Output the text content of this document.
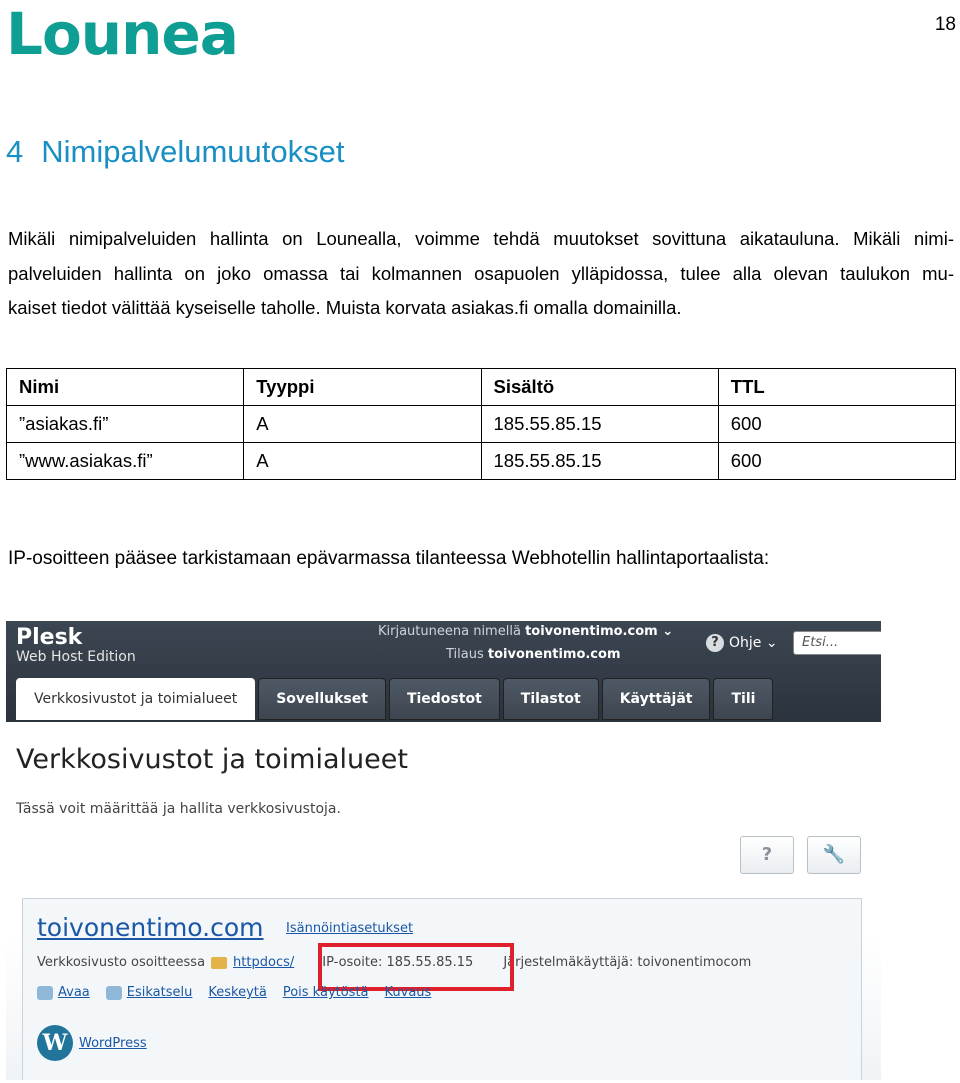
Lounea	18
4 Nimipalvelumuutokset
Mikäli nimipalveluiden hallinta on Lounealla, voimme tehdä muutokset sovittuna aikatauluna. Mikäli nimi-
palveluiden hallinta on joko omassa tai kolmannen osapuolen ylläpidossa, tulee alla olevan taulukon mu-
kaiset tiedot välittää kyseiselle taholle. Muista korvata asiakas.fi omalla domainilla.
Nimi	Tyyppi	Sisältö	TTL
”asiakas.fi”	A	185.55.85.15	600
”www.asiakas.fi”	A	185.55.85.15	600
IP-osoitteen pääsee tarkistamaan epävarmassa tilanteessa Webhotellin hallintaportaalista:
Plesk
Web Host Edition
Kirjautuneena nimellä toivonentimo.com ⌄
Tilaus toivonentimo.com
? Ohje ⌄	Etsi...
Verkkosivustot ja toimialueet	Sovellukset	Tiedostot	Tilastot	Käyttäjät	Tili
Verkkosivustot ja toimialueet
Tässä voit määrittää ja hallita verkkosivustoja.
?	🔧
toivonentimo.com Isännöintiasetukset
Verkkosivusto osoitteessa httpdocs/ IP-osoite: 185.55.85.15 Järjestelmäkäyttäjä: toivonentimocom
Avaa	Esikatselu Keskeytä Pois käytöstä Kuvaus
W WordPress
